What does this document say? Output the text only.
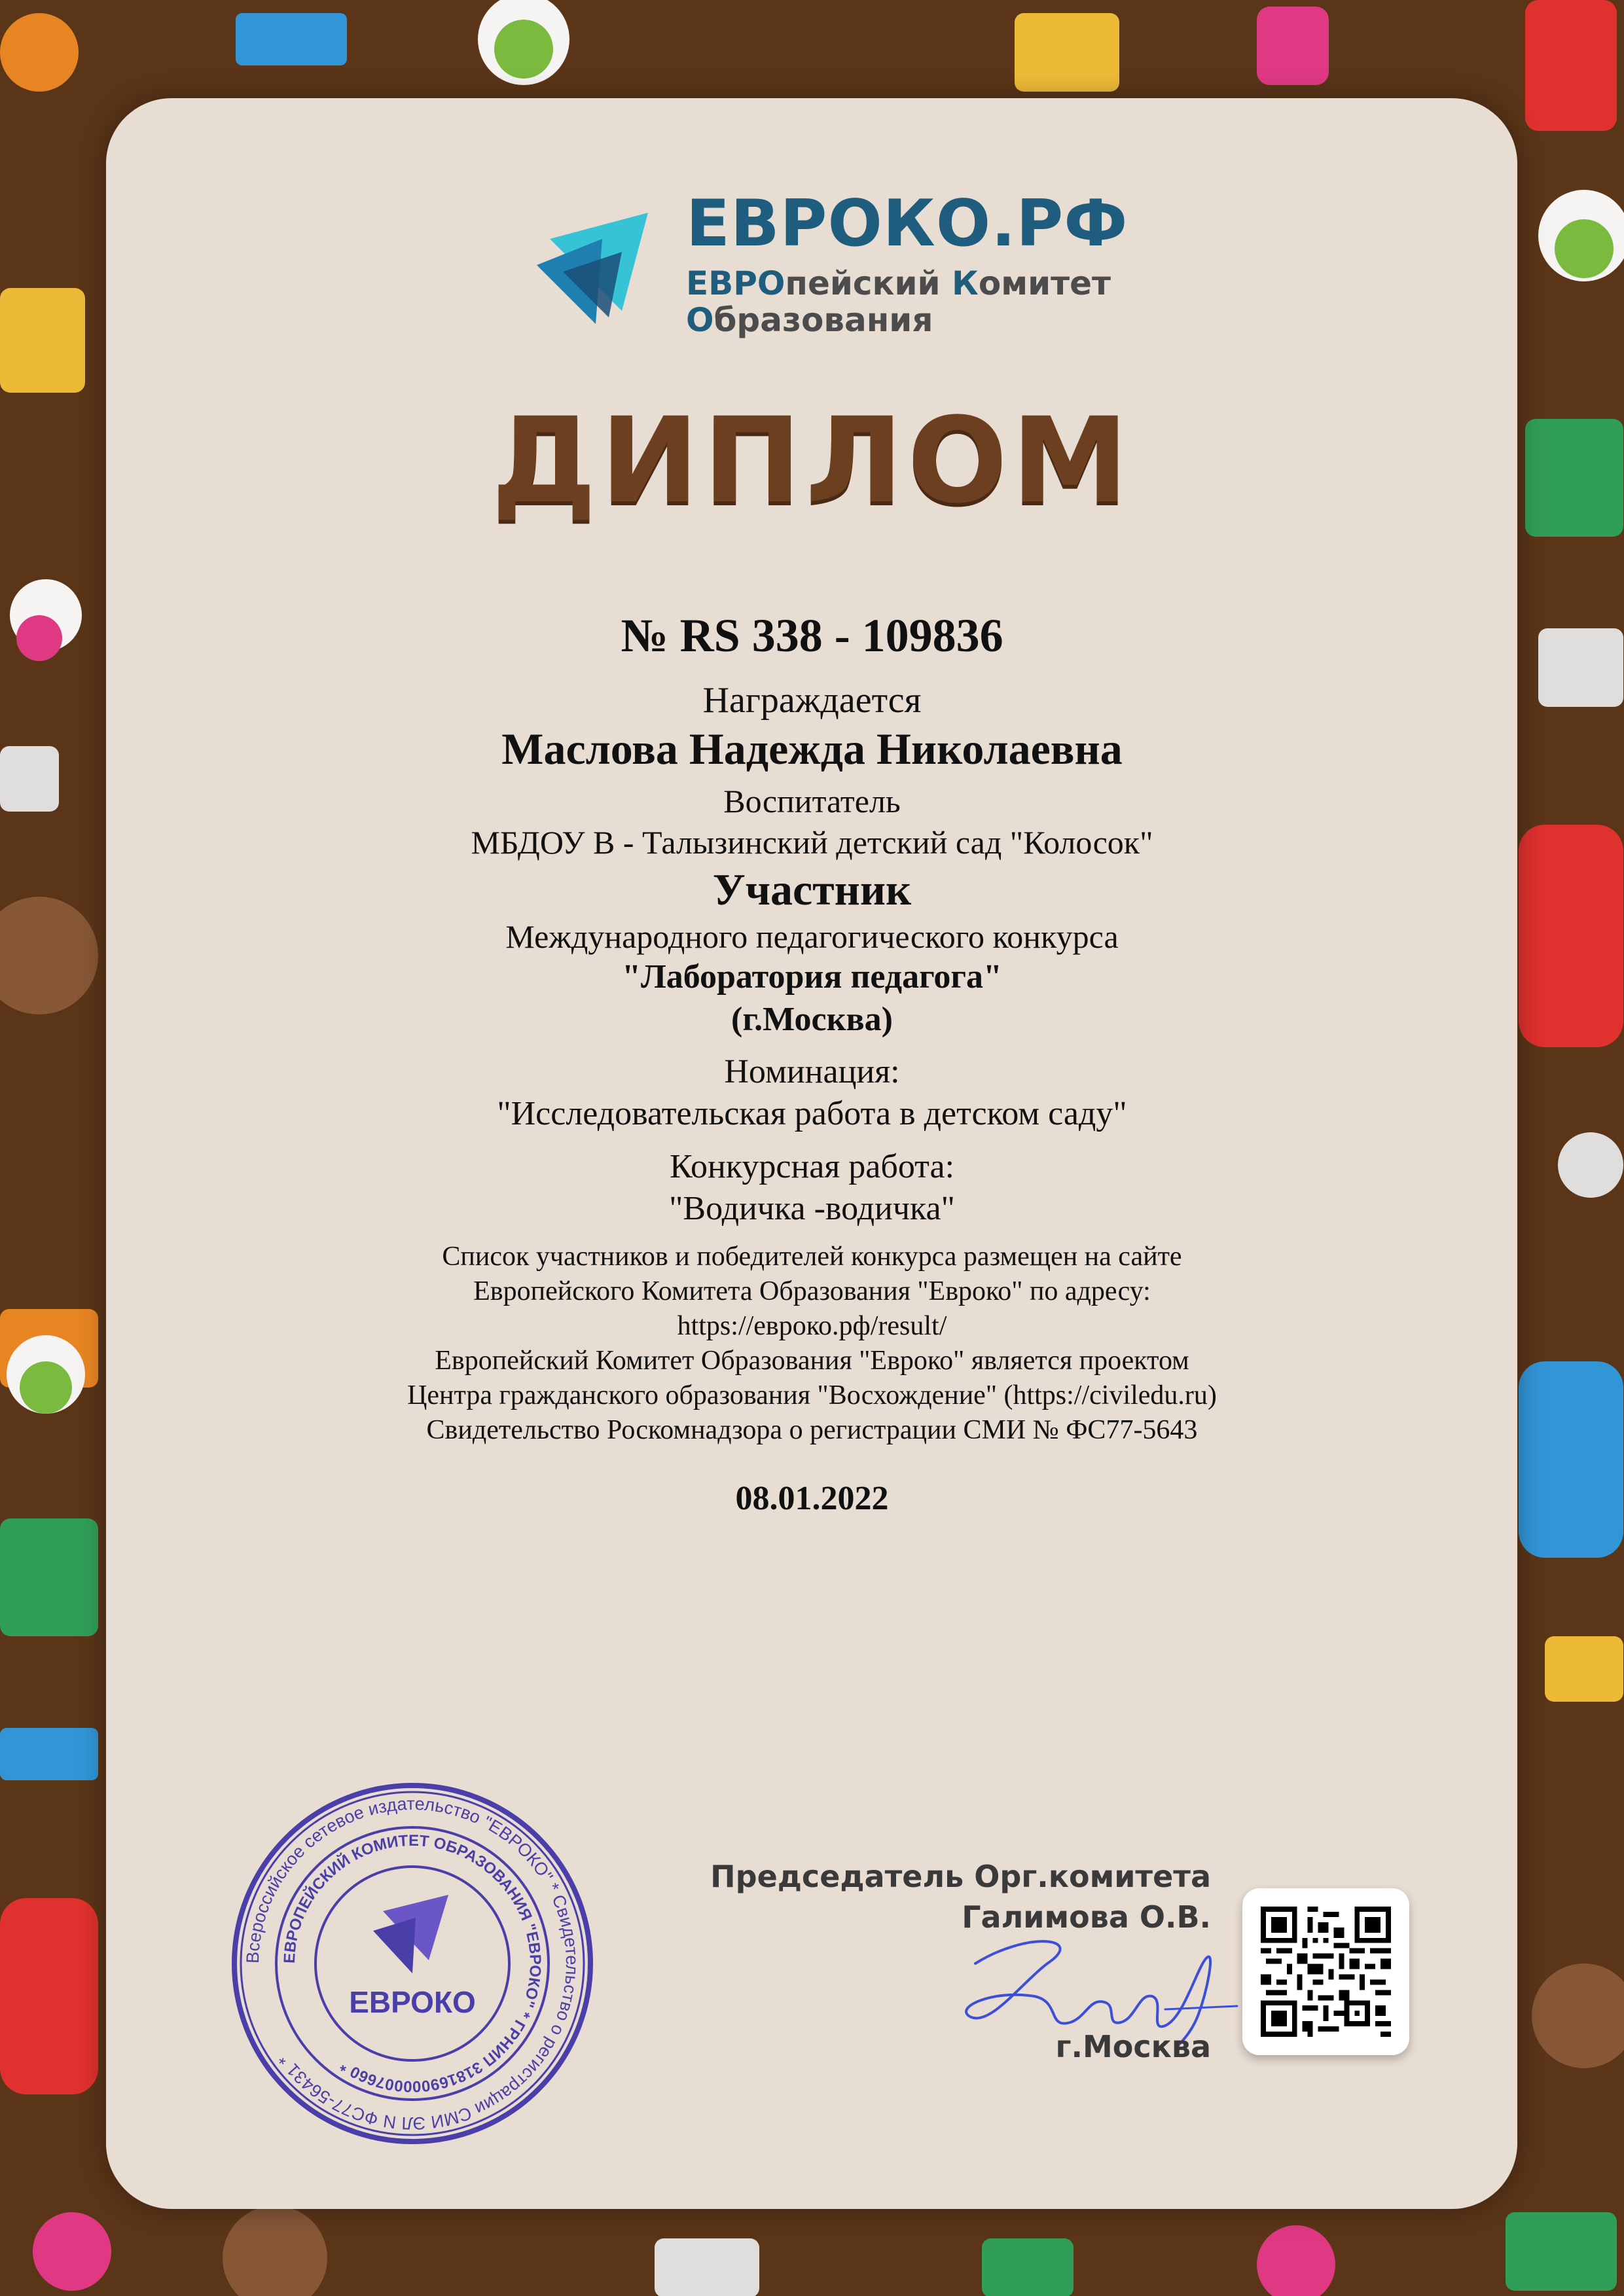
ЕВРОКО.РФ

ЕВРОпейский Комитет
Образования

ДИПЛОМ

№ RS 338 - 109836

Награждается

Маслова Надежда Николаевна

Воспитатель

МБДОУ В - Талызинский детский сад "Колосок"

Участник

Международного педагогического конкурса

"Лаборатория педагога"

(г.Москва)

Номинация:

"Исследовательская работа в детском саду"

Конкурсная работа:

"Водичка -водичка"

Список участников и победителей конкурса размещен на сайте

Европейского Комитета Образования "Евроко" по адресу:

https://евроко.рф/result/

Европейский Комитет Образования "Евроко" является проектом

Центра гражданского образования "Восхождение" (https://civiledu.ru)

Свидетельство Роскомнадзора о регистрации СМИ № ФС77-5643

08.01.2022

Всероссийское сетевое издательство "ЕВРОКО" * Свидетельство о регистрации СМИ ЭЛ N ФС77-56431 *
ЕВРОПЕЙСКИЙ КОМИТЕТ ОБРАЗОВАНИЯ "ЕВРОКО" * ГРНИП 318169000007660 *
ЕВРОКО

Председатель Орг.комитета

Галимова О.В.

г.Москва
